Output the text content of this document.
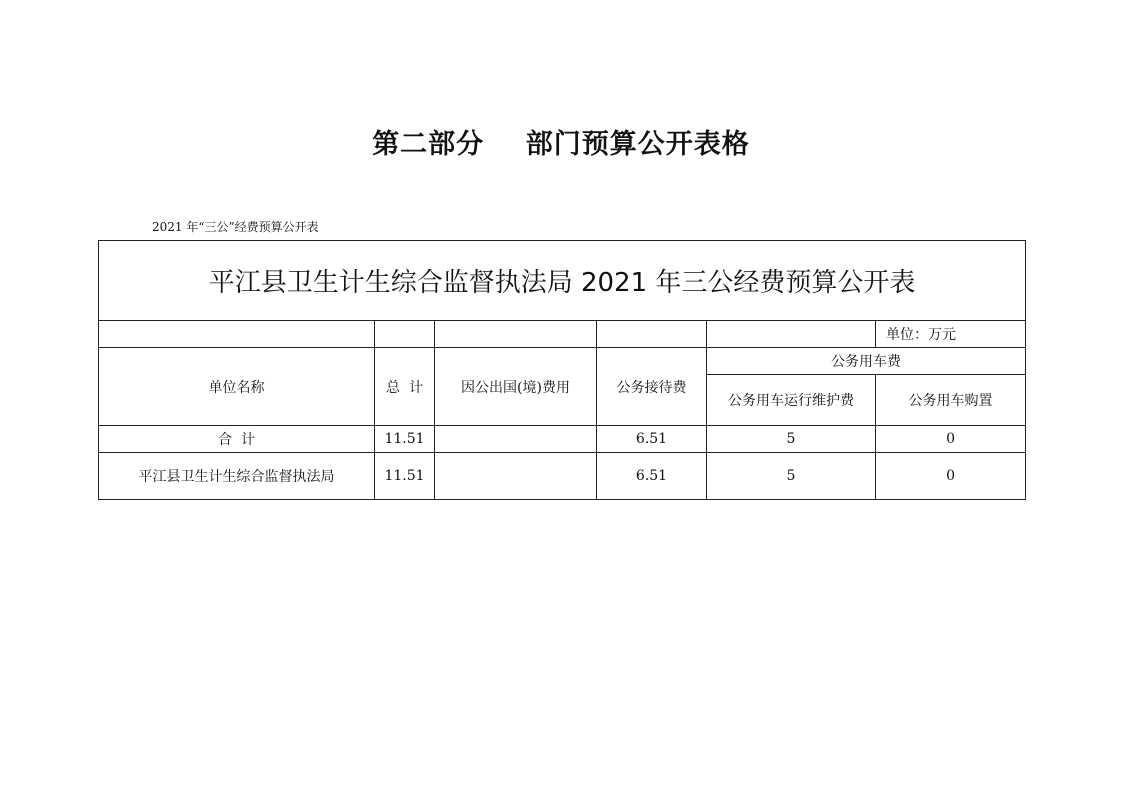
第二部分    部门预算公开表格
2021 年“三公”经费预算公开表
平江县卫生计生综合监督执法局 2021 年三公经费预算公开表					
					单位：万元
单位名称	总  计	因公出国(境)费用	公务接待费	公务用车费	
				公务用车运行维护费	公务用车购置
合  计	11.51		6.51	5	0
平江县卫生计生综合监督执法局	11.51		6.51	5	0
